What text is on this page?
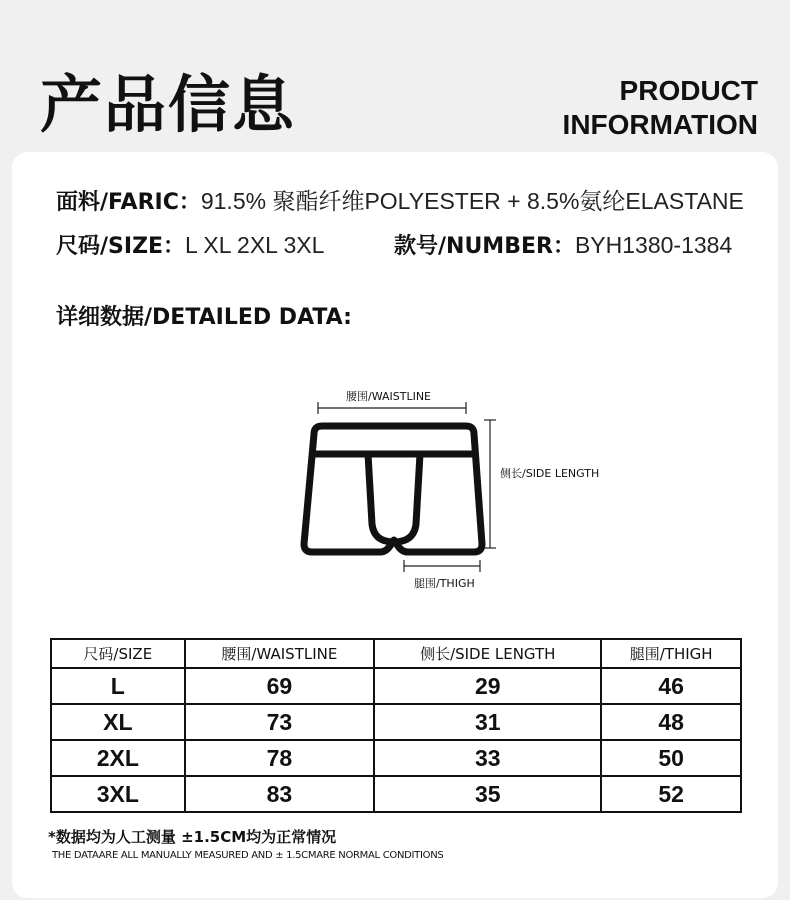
产品信息	PRODUCT
INFORMATION
面料/FARIC：91.5% 聚酯纤维POLYESTER + 8.5%氨纶ELASTANE
尺码/SIZE：L XL 2XL 3XL	款号/NUMBER：BYH1380-1384
详细数据/DETAILED DATA:
腰围/WAISTLINE
侧长/SIDE LENGTH
腿围/THIGH
尺码/SIZE	腰围/WAISTLINE	侧长/SIDE LENGTH	腿围/THIGH
L	69	29	46
XL	73	31	48
2XL	78	33	50
3XL	83	35	52
*数据均为人工测量 ±1.5CM均为正常情况
THE DATAARE ALL MANUALLY MEASURED AND ± 1.5CMARE NORMAL CONDITIONS
